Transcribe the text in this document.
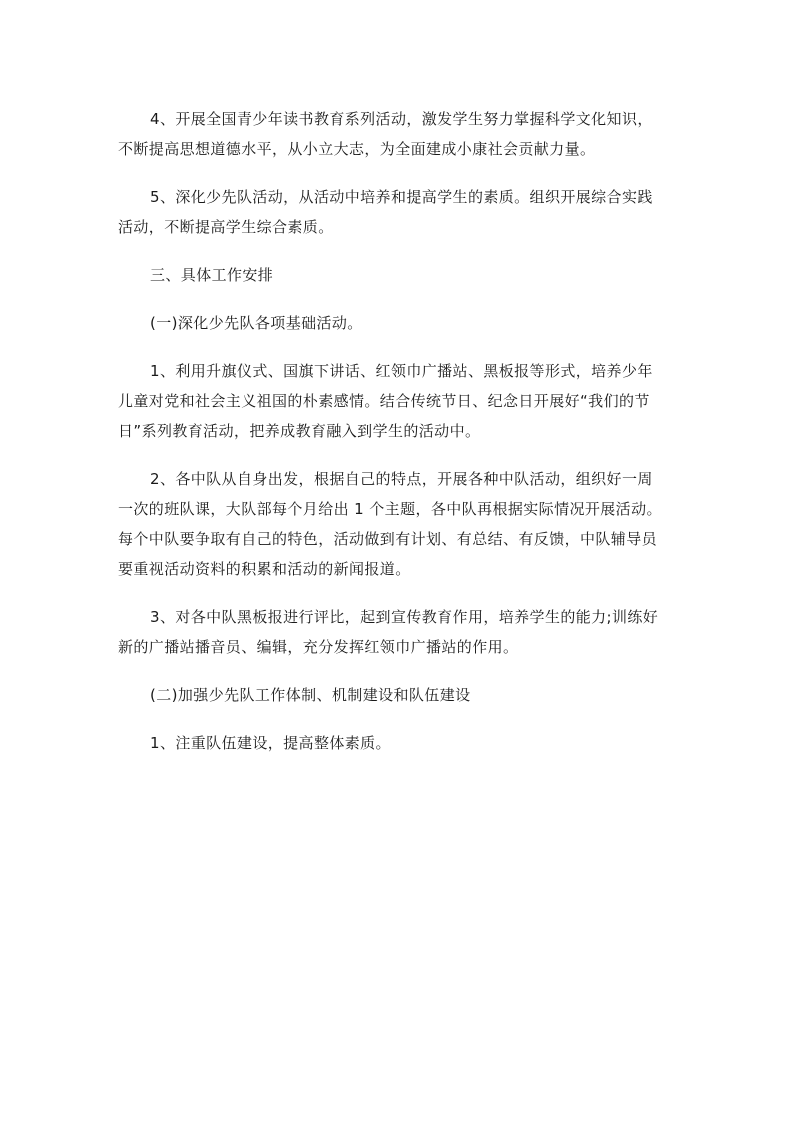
4、开展全国青少年读书教育系列活动，激发学生努力掌握科学文化知识，
不断提高思想道德水平，从小立大志，为全面建成小康社会贡献力量。

5、深化少先队活动，从活动中培养和提高学生的素质。组织开展综合实践
活动，不断提高学生综合素质。

三、具体工作安排

(一)深化少先队各项基础活动。

1、利用升旗仪式、国旗下讲话、红领巾广播站、黑板报等形式，培养少年
儿童对党和社会主义祖国的朴素感情。结合传统节日、纪念日开展好“我们的节
日”系列教育活动，把养成教育融入到学生的活动中。

2、各中队从自身出发，根据自己的特点，开展各种中队活动，组织好一周
一次的班队课，大队部每个月给出 1 个主题，各中队再根据实际情况开展活动。
每个中队要争取有自己的特色，活动做到有计划、有总结、有反馈，中队辅导员
要重视活动资料的积累和活动的新闻报道。

3、对各中队黑板报进行评比，起到宣传教育作用，培养学生的能力;训练好
新的广播站播音员、编辑，充分发挥红领巾广播站的作用。

(二)加强少先队工作体制、机制建设和队伍建设

1、注重队伍建设，提高整体素质。
